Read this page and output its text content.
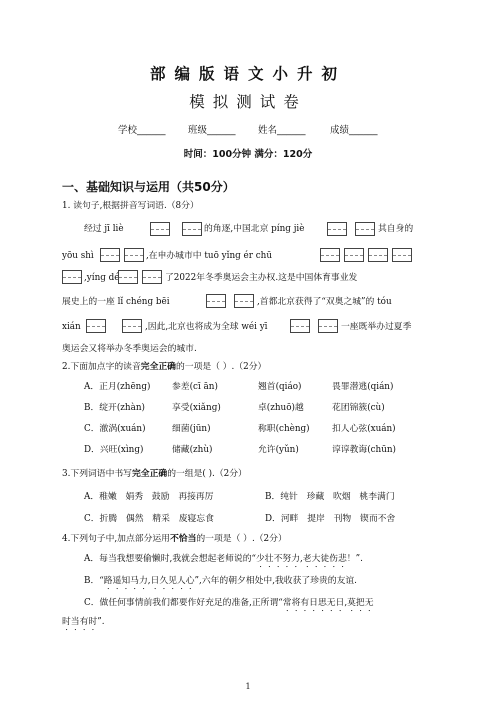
部编版语文小升初
模拟测试卷
学校______ 班级______ 姓名______	成绩______
时间：100分钟 满分：120分
一、基础知识与运用（共50分）
1. 读句子,根据拼音写词语.（8分）
经过 jī liè	的角逐,中国北京 pínɡ jiè	其自身的
yōu shì	,在申办城市中 tuō yǐnɡ ér chū
,yínɡ dé	了2022年冬季奥运会主办权.这是中国体育事业发
展史上的一座 lǐ chénɡ bēi	,首都北京获得了“双奥之城”的 tóu
xián	,因此,北京也将成为全球 wéi yī	一座既举办过夏季
奥运会又将举办冬季奥运会的城市.
2.下面加点字的读音完全正确的一项是（ ）.（2分）
A．正月(zhēnɡ) 参差(cī ān)	翘首(qiáo)	畏罪潜逃(qián)
B．绽开(zhàn)	享受(xiǎnɡ)	卓(zhuō)越	花团锦簇(cù)
C．澈涡(xuán)	细菌(jūn)	称职(chènɡ)	扣人心弦(xuán)
D．兴旺(xìnɡ)	储藏(zhù)	允许(yǔn)	谆谆教诲(chūn)
3.下列词语中书写完全正确的一组是( ).（2分）
A．稚嫩　娟秀　鼓励　再接再厉	B．纯针　珍藏　吹烟　桃李满门
C．折腾　偶然　精采　废寝忘食	D．河畔　提岸　刊物　锲而不舍
4.下列句子中,加点部分运用不恰当的一项是（ ）.（2分）
A．每当我想要偷懒时,我就会想起老师说的“少壮不努力,老大徒伤悲！”.
B．“路遥知马力,日久见人心”,六年的朝夕相处中,我收获了珍贵的友谊.
C．做任何事情前我们都要作好充足的准备,正所谓“常将有日思无日,莫把无
时当有时”.
1
